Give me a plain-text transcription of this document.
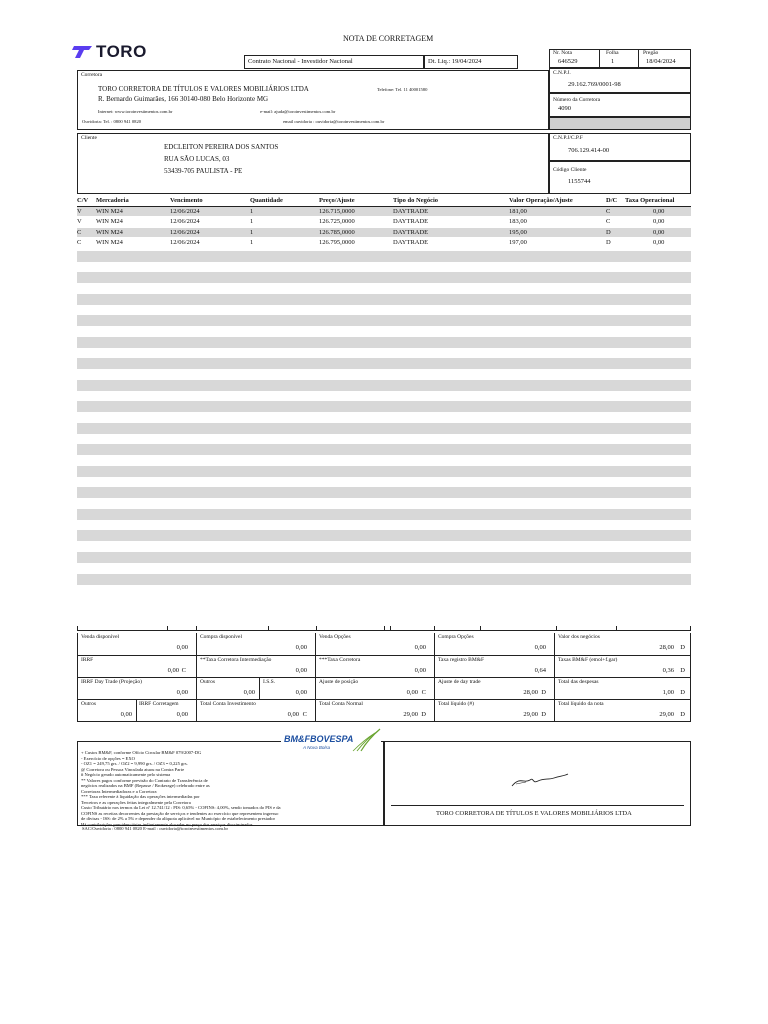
NOTA DE CORRETAGEM
TORO
Contrato Nacional - Investidor Nacional	Dt. Liq.: 19/04/2024
Nr. Nota
646529
Folha
1
Pregão
18/04/2024
Corretora
TORO CORRETORA DE TÍTULOS E VALORES MOBILIÁRIOS LTDA
R. Bernardo Guimarães, 166 30140-080 Belo Horizonte MG
Telefone: Tel. 11 40001580
Internet: www.toroinvestimentos.com.br	e-mail: ajuda@toroinvestimentos.com.br
Ouvidoria: Tel. : 0800 941 0820	email ouvidoria : ouvidoria@toroinvestimentos.com.br
C.N.P.J.
29.162.769/0001-98
Número da Corretora
4090
Cliente
EDCLEITON PEREIRA DOS SANTOS
RUA SÃO LUCAS, 03
53439-705 PAULISTA - PE
C.N.P.J/C.P.F
706.129.414-00
Código Cliente
1155744
C/V Mercadoria	Vencimento	Quantidade	Preço/Ajuste	Tipo do Negócio	Valor Operação/Ajuste	D/C Taxa Operacional
V WIN M24	12/06/2024	1	126.715,0000	DAYTRADE	181,00	C	0,00
V WIN M24	12/06/2024	1	126.725,0000	DAYTRADE	183,00	C	0,00
C WIN M24	12/06/2024	1	126.785,0000	DAYTRADE	195,00	D	0,00
C WIN M24	12/06/2024	1	126.795,0000	DAYTRADE	197,00	D	0,00
Venda disponível
0,00
Compra disponível
0,00
Venda Opções
0,00
Compra Opções
0,00
Valor dos negócios
28,00 D
IRRF
0,00 C
**Taxa Corretora Intermediação
0,00
***Taxa Corretora
0,00
Taxa registro BM&F
0,64
Taxas BM&F (emol+f.gar)
0,36 D
IRRF Day Trade (Projeção)
0,00
Outros
0,00
I.S.S.
0,00
Ajuste de posição
0,00 C
Ajuste de day trade
28,00 D
Total das despesas
1,00 D
Outros
0,00
IRRF Corretagem
0,00
Total Conta Investimento
0,00 C
Total Conta Normal
29,00 D
Total líquido (#)
29,00 D
Total líquido da nota
29,00 D
BM&FBOVESPA
A Nova Bolsa
+ Custos BM&F, conforme Ofício Circular BM&F 079/2007-DG
- Exercício de opções = EXO
- OZ1 = 249,75 grs. / OZ2 = 9,990 grs. / OZ3 = 0,225 grs.
@ Corretora ou Pessoa Vinculada atuou na Contra Parte
# Negócio gerado automaticamente pelo sistema
** Valores pagos conforme previsão do Contrato de Transferência de
negócios realizados na BMF (Repasse / Brokerage) celebrado entre as
Corretoras Intermediadoras e a Corretora
*** Taxa referente à liquidação das operações intermediadas por
Terceiros e as operações feitas integralmente pela Corretora
Custo Tributário nos termos da Lei nº 12.741/12 : PIS: 0,65% - COFINS: 4,00%, sendo tomados do PIS e da
COFINS as receitas decorrentes da prestação de serviços e tendentes ao exercício que representem ingresso
de divisas - ISS: de 2% a 5% e depender da alíquota aplicável no Município de estabelecimento prestador
Há contribuições previdenciárias indiretamente alocadas no preço dos serviços discriminados
TORO CORRETORA DE TÍTULOS E VALORES MOBILIÁRIOS LTDA
SAC/Ouvidoria : 0800 941 0820 E-mail : ouvidoria@toroinvestimentos.com.br
